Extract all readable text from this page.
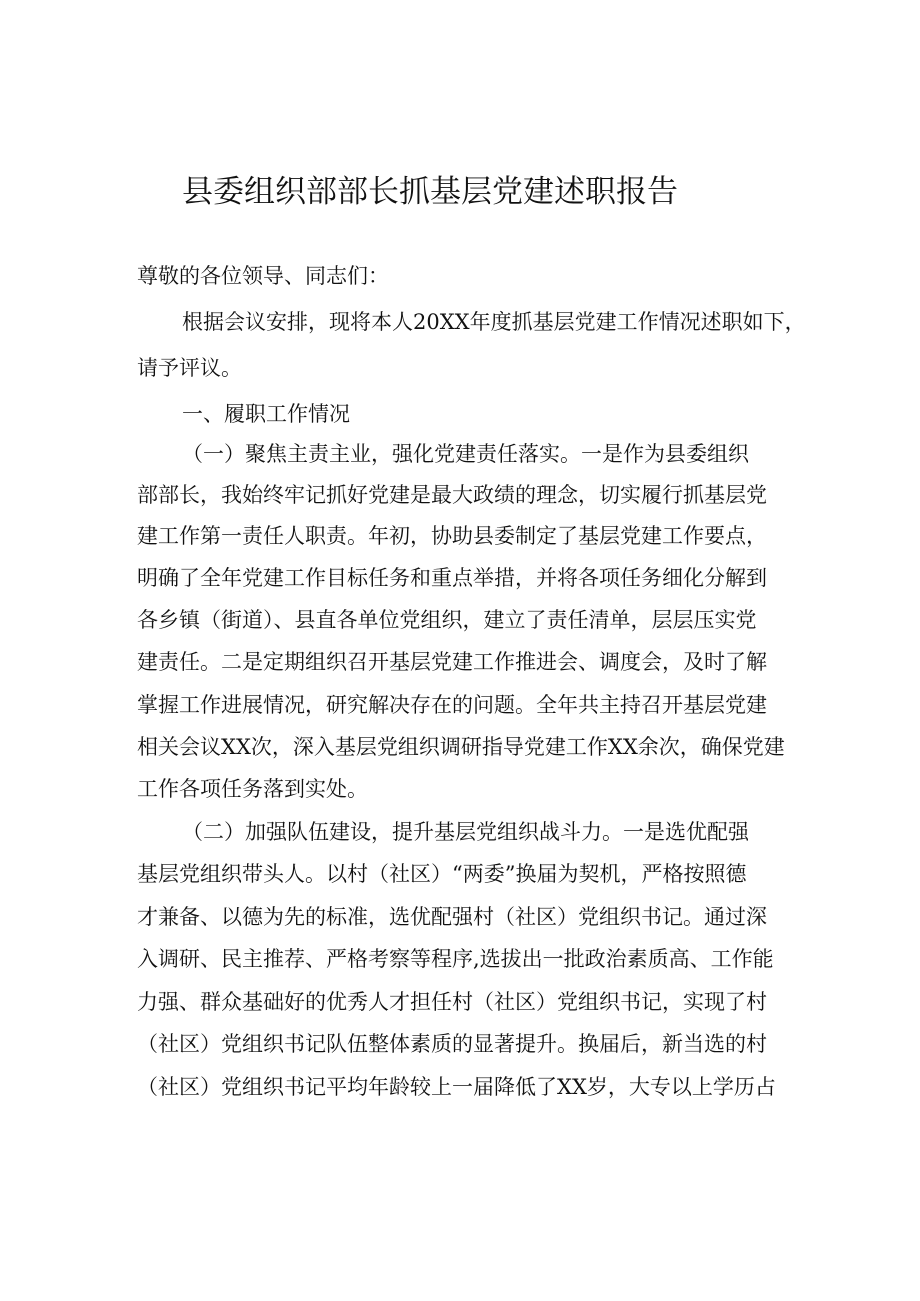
县委组织部部长抓基层党建述职报告
尊敬的各位领导、同志们：
根据会议安排，现将本人20XX年度抓基层党建工作情况述职如下，
请予评议。
一、履职工作情况
（一）聚焦主责主业，强化党建责任落实。一是作为县委组织
部部长，我始终牢记抓好党建是最大政绩的理念，切实履行抓基层党
建工作第一责任人职责。年初，协助县委制定了基层党建工作要点，
明确了全年党建工作目标任务和重点举措，并将各项任务细化分解到
各乡镇（街道）、县直各单位党组织，建立了责任清单，层层压实党
建责任。二是定期组织召开基层党建工作推进会、调度会，及时了解
掌握工作进展情况，研究解决存在的问题。全年共主持召开基层党建
相关会议XX次，深入基层党组织调研指导党建工作XX余次，确保党建
工作各项任务落到实处。
（二）加强队伍建设，提升基层党组织战斗力。一是选优配强
基层党组织带头人。以村（社区）“两委”换届为契机，严格按照德
才兼备、以德为先的标准，选优配强村（社区）党组织书记。通过深
入调研、民主推荐、严格考察等程序,选拔出一批政治素质高、工作能
力强、群众基础好的优秀人才担任村（社区）党组织书记，实现了村
（社区）党组织书记队伍整体素质的显著提升。换届后，新当选的村
（社区）党组织书记平均年龄较上一届降低了XX岁，大专以上学历占
